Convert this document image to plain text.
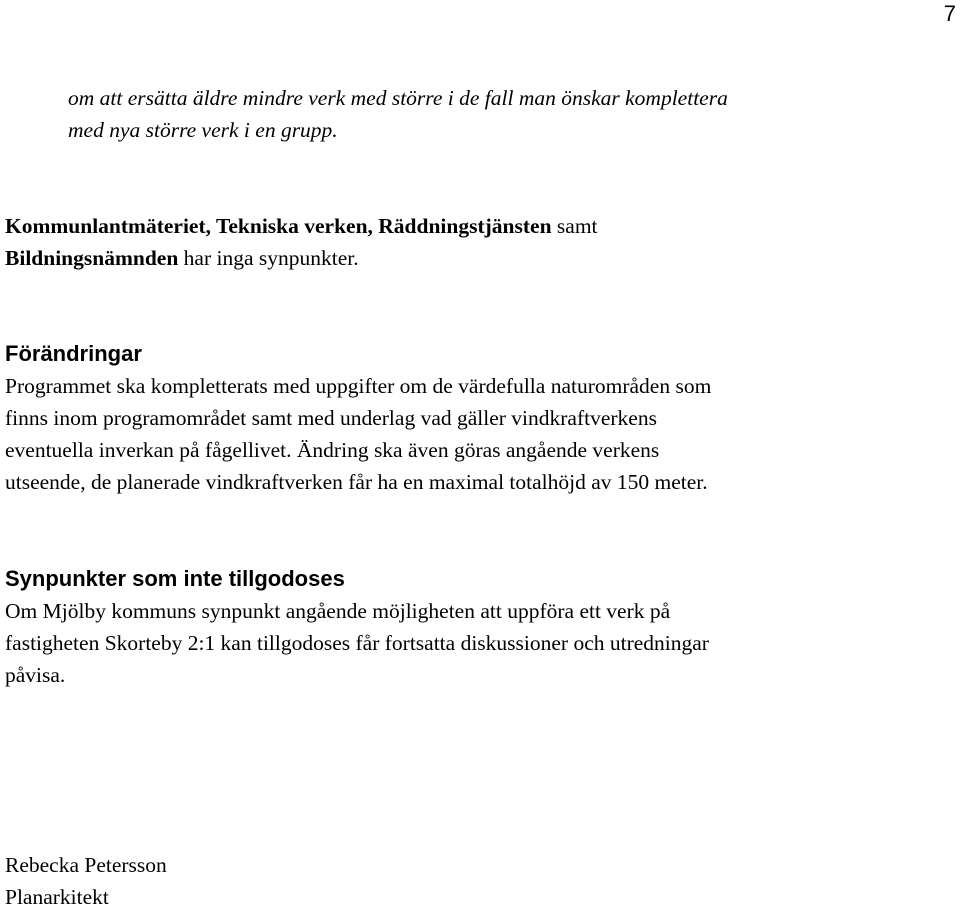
7

om att ersätta äldre mindre verk med större i de fall man önskar komplettera
med nya större verk i en grupp.

Kommunlantmäteriet, Tekniska verken, Räddningstjänsten samt
Bildningsnämnden har inga synpunkter.

Förändringar

Programmet ska kompletterats med uppgifter om de värdefulla naturområden som
finns inom programområdet samt med underlag vad gäller vindkraftverkens
eventuella inverkan på fågellivet. Ändring ska även göras angående verkens
utseende, de planerade vindkraftverken får ha en maximal totalhöjd av 150 meter.

Synpunkter som inte tillgodoses

Om Mjölby kommuns synpunkt angående möjligheten att uppföra ett verk på
fastigheten Skorteby 2:1 kan tillgodoses får fortsatta diskussioner och utredningar
påvisa.

Rebecka Petersson
Planarkitekt
